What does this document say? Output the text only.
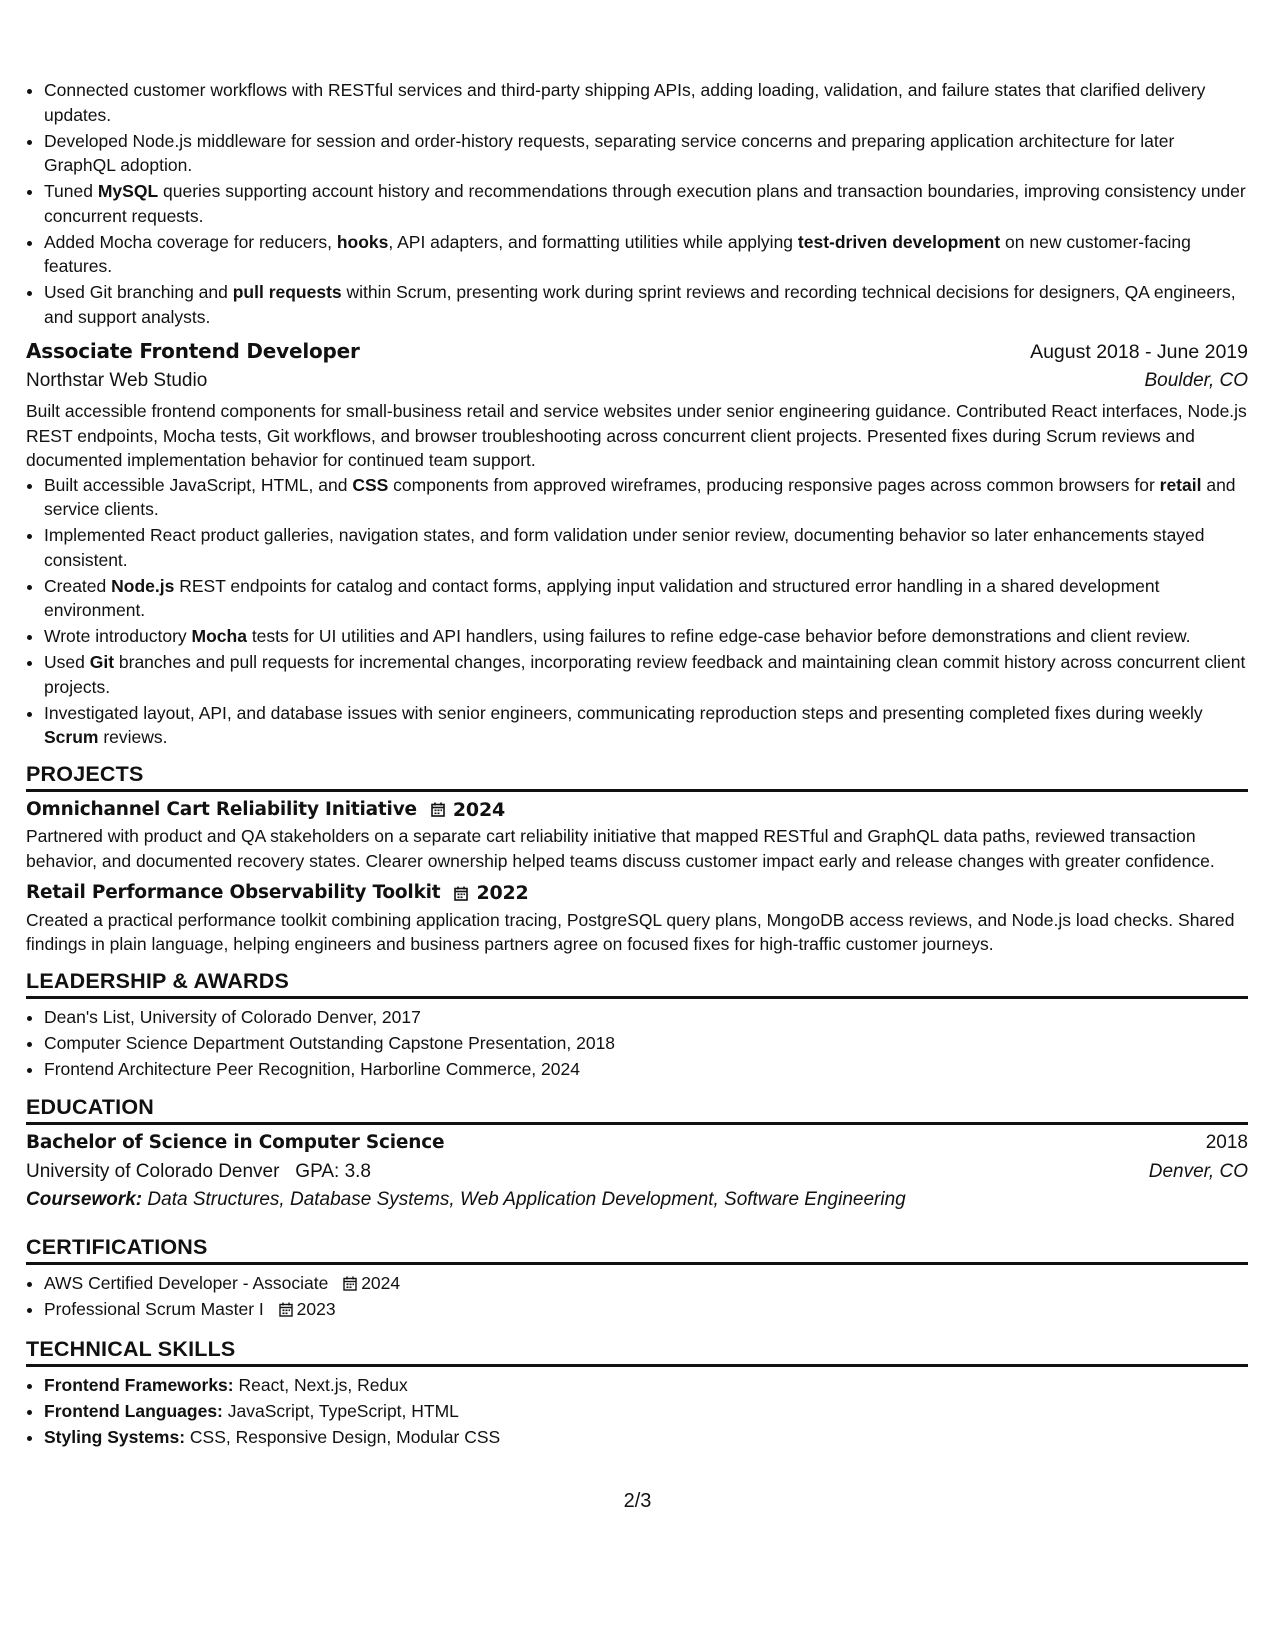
• Connected customer workflows with RESTful services and third-party shipping APIs, adding loading, validation, and failure states that clarified delivery updates.
• Developed Node.js middleware for session and order-history requests, separating service concerns and preparing application architecture for later GraphQL adoption.
• Tuned MySQL queries supporting account history and recommendations through execution plans and transaction boundaries, improving consistency under concurrent requests.
• Added Mocha coverage for reducers, hooks, API adapters, and formatting utilities while applying test-driven development on new customer-facing features.
• Used Git branching and pull requests within Scrum, presenting work during sprint reviews and recording technical decisions for designers, QA engineers, and support analysts.
Associate Frontend Developer	August 2018 - June 2019
Northstar Web Studio	Boulder, CO
Built accessible frontend components for small-business retail and service websites under senior engineering guidance. Contributed React interfaces, Node.js REST endpoints, Mocha tests, Git workflows, and browser troubleshooting across concurrent client projects. Presented fixes during Scrum reviews and documented implementation behavior for continued team support.
• Built accessible JavaScript, HTML, and CSS components from approved wireframes, producing responsive pages across common browsers for retail and service clients.
• Implemented React product galleries, navigation states, and form validation under senior review, documenting behavior so later enhancements stayed consistent.
• Created Node.js REST endpoints for catalog and contact forms, applying input validation and structured error handling in a shared development environment.
• Wrote introductory Mocha tests for UI utilities and API handlers, using failures to refine edge-case behavior before demonstrations and client review.
• Used Git branches and pull requests for incremental changes, incorporating review feedback and maintaining clean commit history across concurrent client projects.
• Investigated layout, API, and database issues with senior engineers, communicating reproduction steps and presenting completed fixes during weekly Scrum reviews.
PROJECTS
Omnichannel Cart Reliability Initiative 2024
Partnered with product and QA stakeholders on a separate cart reliability initiative that mapped RESTful and GraphQL data paths, reviewed transaction behavior, and documented recovery states. Clearer ownership helped teams discuss customer impact early and release changes with greater confidence.
Retail Performance Observability Toolkit 2022
Created a practical performance toolkit combining application tracing, PostgreSQL query plans, MongoDB access reviews, and Node.js load checks. Shared findings in plain language, helping engineers and business partners agree on focused fixes for high-traffic customer journeys.
LEADERSHIP & AWARDS
• Dean's List, University of Colorado Denver, 2017
• Computer Science Department Outstanding Capstone Presentation, 2018
• Frontend Architecture Peer Recognition, Harborline Commerce, 2024
EDUCATION
Bachelor of Science in Computer Science	2018
University of Colorado Denver GPA: 3.8	Denver, CO
Coursework: Data Structures, Database Systems, Web Application Development, Software Engineering
CERTIFICATIONS
• AWS Certified Developer - Associate 2024
• Professional Scrum Master I 2023
TECHNICAL SKILLS
• Frontend Frameworks: React, Next.js, Redux
• Frontend Languages: JavaScript, TypeScript, HTML
• Styling Systems: CSS, Responsive Design, Modular CSS
2/3
